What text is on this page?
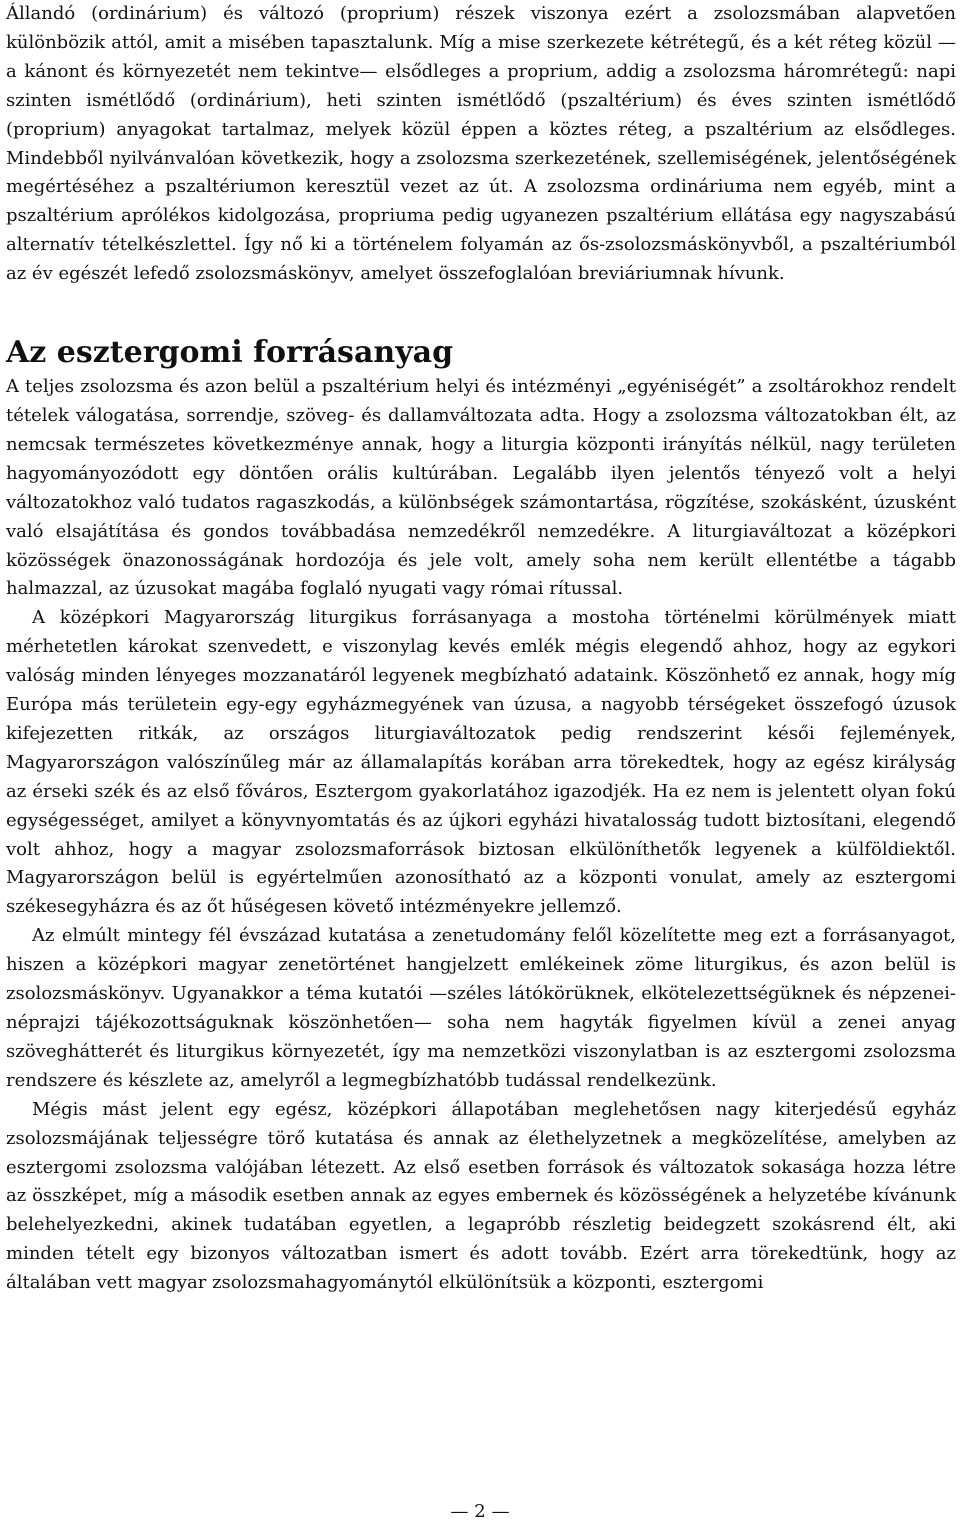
Állandó (ordinárium) és változó (proprium) részek viszonya ezért a zsolozsmában alapvetően különbözik attól, amit a misében tapasztalunk. Míg a mise szerkezete kétrétegű, és a két réteg közül —a kánont és környezetét nem tekintve— elsődleges a proprium, addig a zsolozsma háromrétegű: napi szinten ismétlődő (ordinárium), heti szinten ismétlődő (pszaltérium) és éves szinten ismétlődő (proprium) anyagokat tartalmaz, melyek közül éppen a köztes réteg, a pszaltérium az elsődleges. Mindebből nyilvánvalóan következik, hogy a zsolozsma szerkezetének, szellemiségének, jelentőségének megértéséhez a pszaltériumon keresztül vezet az út. A zsolozsma ordináriuma nem egyéb, mint a pszaltérium aprólékos kidolgozása, propriuma pedig ugyanezen pszaltérium ellátása egy nagyszabású alternatív tételkészlettel. Így nő ki a történelem folyamán az ős-zsolozsmáskönyvből, a pszaltériumból az év egészét lefedő zsolozsmáskönyv, amelyet összefoglalóan breviáriumnak hívunk.

Az esztergomi forrásanyag

A teljes zsolozsma és azon belül a pszaltérium helyi és intézményi „egyéniségét” a zsoltárokhoz rendelt tételek válogatása, sorrendje, szöveg- és dallamváltozata adta. Hogy a zsolozsma változatokban élt, az nemcsak természetes következménye annak, hogy a liturgia központi irányítás nélkül, nagy területen hagyományozódott egy döntően orális kultúrában. Legalább ilyen jelentős tényező volt a helyi változatokhoz való tudatos ragaszkodás, a különbségek számontartása, rögzítése, szokásként, úzusként való elsajátítása és gondos továbbadása nemzedékről nemzedékre. A liturgiaváltozat a középkori közösségek önazonosságának hordozója és jele volt, amely soha nem került ellentétbe a tágabb halmazzal, az úzusokat magába foglaló nyugati vagy római rítussal.

A középkori Magyarország liturgikus forrásanyaga a mostoha történelmi körülmények miatt mérhetetlen károkat szenvedett, e viszonylag kevés emlék mégis elegendő ahhoz, hogy az egykori valóság minden lényeges mozzanatáról legyenek megbízható adataink. Köszönhető ez annak, hogy míg Európa más területein egy-egy egyházmegyének van úzusa, a nagyobb térségeket összefogó úzusok kifejezetten ritkák, az országos liturgiaváltozatok pedig rendszerint késői fejlemények, Magyarországon valószínűleg már az államalapítás korában arra törekedtek, hogy az egész királyság az érseki szék és az első főváros, Esztergom gyakorlatához igazodjék. Ha ez nem is jelentett olyan fokú egységességet, amilyet a könyvnyomtatás és az újkori egyházi hivatalosság tudott biztosítani, elegendő volt ahhoz, hogy a magyar zsolozsmaforrások biztosan elkülöníthetők legyenek a külföldiektől. Magyarországon belül is egyértelműen azonosítható az a központi vonulat, amely az esztergomi székesegyházra és az őt hűségesen követő intézményekre jellemző.

Az elmúlt mintegy fél évszázad kutatása a zenetudomány felől közelítette meg ezt a forrásanyagot, hiszen a középkori magyar zenetörténet hangjelzett emlékeinek zöme liturgikus, és azon belül is zsolozsmáskönyv. Ugyanakkor a téma kutatói —széles látókörüknek, elkötelezettségüknek és népzenei-néprajzi tájékozottságuknak köszönhetően— soha nem hagyták figyelmen kívül a zenei anyag szöveghátterét és liturgikus környezetét, így ma nemzetközi viszonylatban is az esztergomi zsolozsma rendszere és készlete az, amelyről a legmegbízhatóbb tudással rendelkezünk.

Mégis mást jelent egy egész, középkori állapotában meglehetősen nagy kiterjedésű egyház zsolozsmájának teljességre törő kutatása és annak az élethelyzetnek a megközelítése, amelyben az esztergomi zsolozsma valójában létezett. Az első esetben források és változatok sokasága hozza létre az összképet, míg a második esetben annak az egyes embernek és közösségének a helyzetébe kívánunk belehelyezkedni, akinek tudatában egyetlen, a legapróbb részletig beidegzett szokásrend élt, aki minden tételt egy bizonyos változatban ismert és adott tovább. Ezért arra törekedtünk, hogy az általában vett magyar zsolozsmahagyománytól elkülönítsük a központi, esztergomi

— 2 —
